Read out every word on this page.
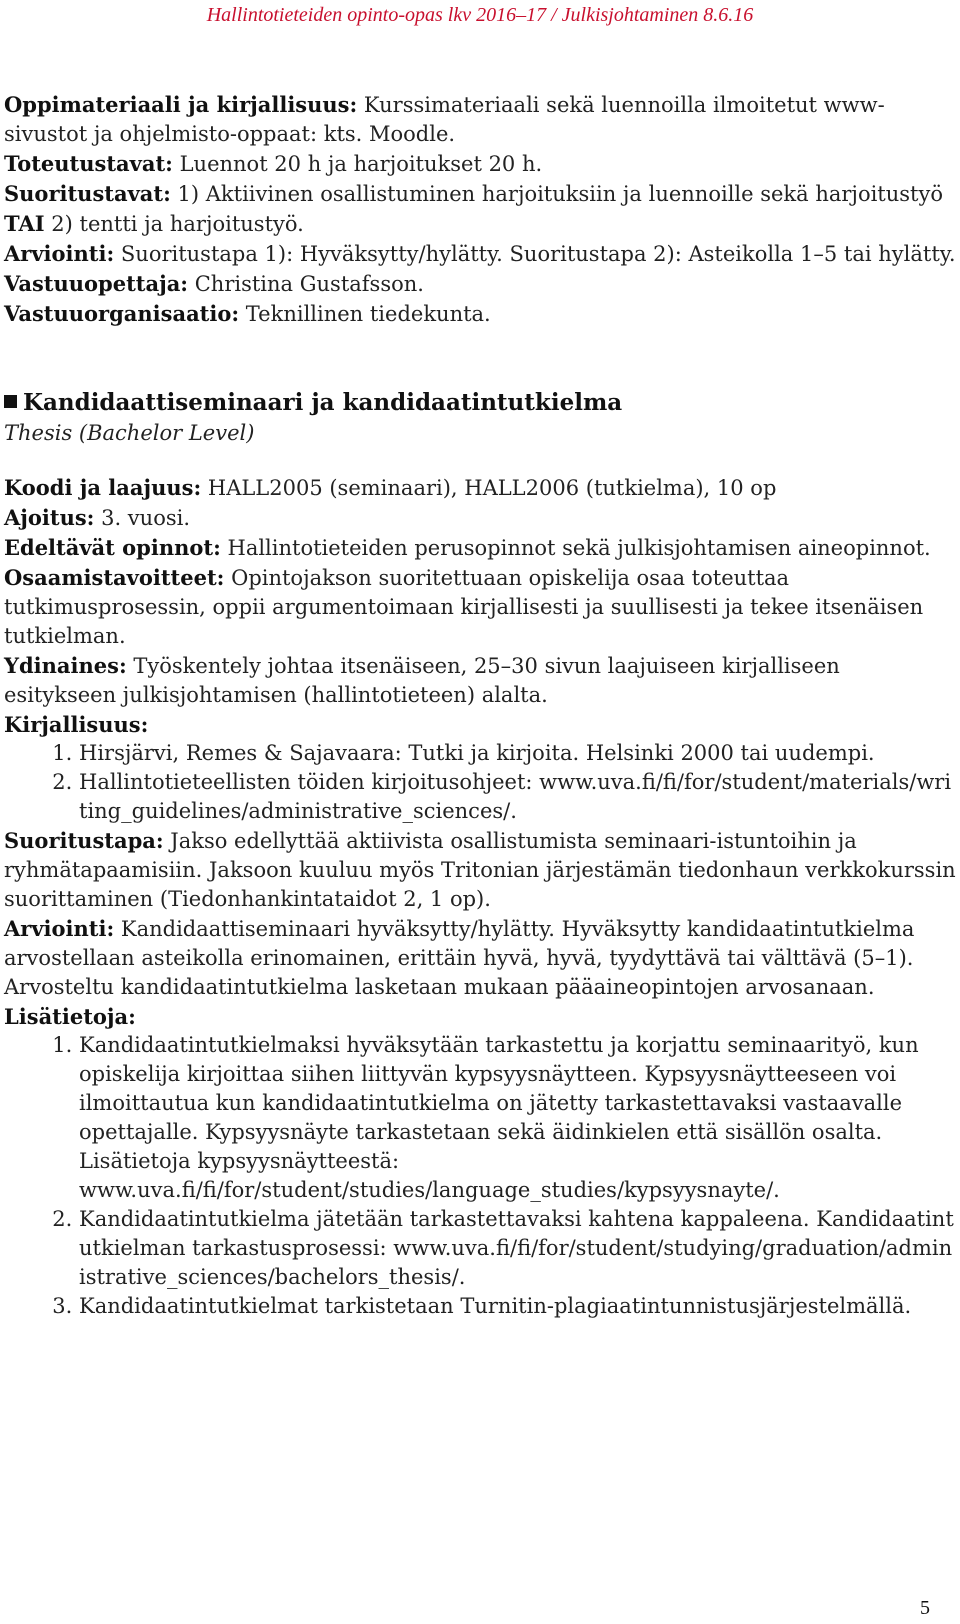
Hallintotieteiden opinto-opas lkv 2016–17 / Julkisjohtaminen 8.6.16

Oppimateriaali ja kirjallisuus: Kurssimateriaali sekä luennoilla ilmoitetut www-sivustot ja ohjelmisto-oppaat: kts. Moodle.

Toteutustavat: Luennot 20 h ja harjoitukset 20 h.

Suoritustavat: 1) Aktiivinen osallistuminen harjoituksiin ja luennoille sekä harjoitustyö TAI 2) tentti ja harjoitustyö.

Arviointi: Suoritustapa 1): Hyväksytty/hylätty. Suoritustapa 2): Asteikolla 1–5 tai hylätty.

Vastuuopettaja: Christina Gustafsson.

Vastuuorganisaatio: Teknillinen tiedekunta.

Kandidaattiseminaari ja kandidaatintutkielma

Thesis (Bachelor Level)

Koodi ja laajuus: HALL2005 (seminaari), HALL2006 (tutkielma), 10 op

Ajoitus: 3. vuosi.

Edeltävät opinnot: Hallintotieteiden perusopinnot sekä julkisjohtamisen aineopinnot.

Osaamistavoitteet: Opintojakson suoritettuaan opiskelija osaa toteuttaa tutkimusprosessin, oppii argumentoimaan kirjallisesti ja suullisesti ja tekee itsenäisen tutkielman.

Ydinaines: Työskentely johtaa itsenäiseen, 25–30 sivun laajuiseen kirjalliseen esitykseen julkisjohtamisen (hallintotieteen) alalta.

Kirjallisuus:

1. Hirsjärvi, Remes & Sajavaara: Tutki ja kirjoita. Helsinki 2000 tai uudempi.
2. Hallintotieteellisten töiden kirjoitusohjeet: www.uva.fi/fi/for/student/materials/writing_guidelines/administrative_sciences/.

Suoritustapa: Jakso edellyttää aktiivista osallistumista seminaari-istuntoihin ja ryhmätapaamisiin. Jaksoon kuuluu myös Tritonian järjestämän tiedonhaun verkkokurssin suorittaminen (Tiedonhankintataidot 2, 1 op).

Arviointi: Kandidaattiseminaari hyväksytty/hylätty. Hyväksytty kandidaatintutkielma arvostellaan asteikolla erinomainen, erittäin hyvä, hyvä, tyydyttävä tai välttävä (5–1). Arvosteltu kandidaatintutkielma lasketaan mukaan pääaineopintojen arvosanaan.

Lisätietoja:

1. Kandidaatintutkielmaksi hyväksytään tarkastettu ja korjattu seminaarityö, kun opiskelija kirjoittaa siihen liittyvän kypsyysnäytteen. Kypsyysnäytteeseen voi ilmoittautua kun kandidaatintutkielma on jätetty tarkastettavaksi vastaavalle opettajalle. Kypsyysnäyte tarkastetaan sekä äidinkielen että sisällön osalta. Lisätietoja kypsyysnäytteestä: www.uva.fi/fi/for/student/studies/language_studies/kypsyysnayte/.
2. Kandidaatintutkielma jätetään tarkastettavaksi kahtena kappaleena. Kandidaatintutkielman tarkastusprosessi: www.uva.fi/fi/for/student/studying/graduation/administrative_sciences/bachelors_thesis/.
3. Kandidaatintutkielmat tarkistetaan Turnitin-plagiaatintunnistusjärjestelmällä.
5
